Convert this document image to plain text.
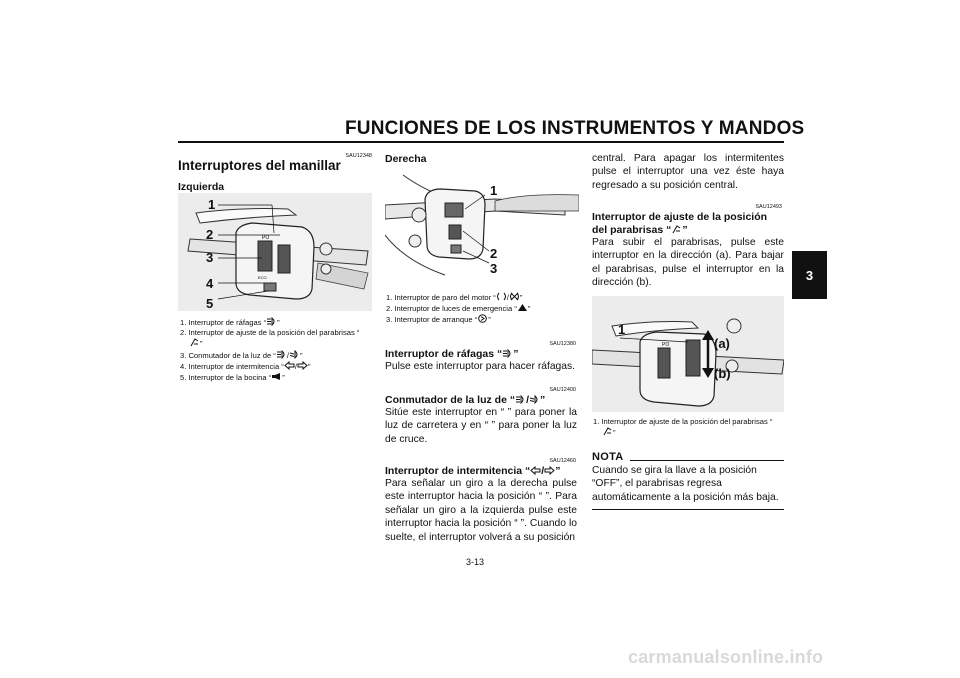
FUNCIONES DE LOS INSTRUMENTOS Y MANDOS
3
SAU12348
Interruptores del manillar
Izquierda
PO
ECO
1
2
3
4
5
1. Interruptor de ráfagas “ ”
2. Interruptor de ajuste de la posición del parabrisas “”
3. Conmutador de la luz de “ / ”
4. Interruptor de intermitencia “ / ”
5. Interruptor de la bocina “ ”
Derecha
1
2
3
1. Interruptor de paro del motor “ / ”
2. Interruptor de luces de emergencia “ ”
3. Interruptor de arranque “ ”
SAU12380
Interruptor de ráfagas “ ”
Pulse este interruptor para hacer ráfagas.
SAU12400
Conmutador de la luz de “ / ”
Sitúe este interruptor en “ ” para poner la luz de carretera y en “ ” para poner la luz de cruce.
SAU12460
Interruptor de intermitencia “ / ”
Para señalar un giro a la derecha pulse este interruptor hacia la posición “ ”. Para señalar un giro a la izquierda pulse este interruptor hacia la posición “ ”. Cuando lo suelte, el interruptor volverá a su posición
central. Para apagar los intermitentes pulse el interruptor una vez éste haya regresado a su posición central.
SAU12493
Interruptor de ajuste de la posición del parabrisas “ ”
Para subir el parabrisas, pulse este interruptor en la dirección (a). Para bajar el parabrisas, pulse el interruptor en la dirección (b).
PO
1
(a)
(b)
1. Interruptor de ajuste de la posición del parabrisas “”
NOTA
Cuando se gira la llave a la posición “OFF”, el parabrisas regresa automáticamente a la posición más baja.
3-13
carmanualsonline.info
